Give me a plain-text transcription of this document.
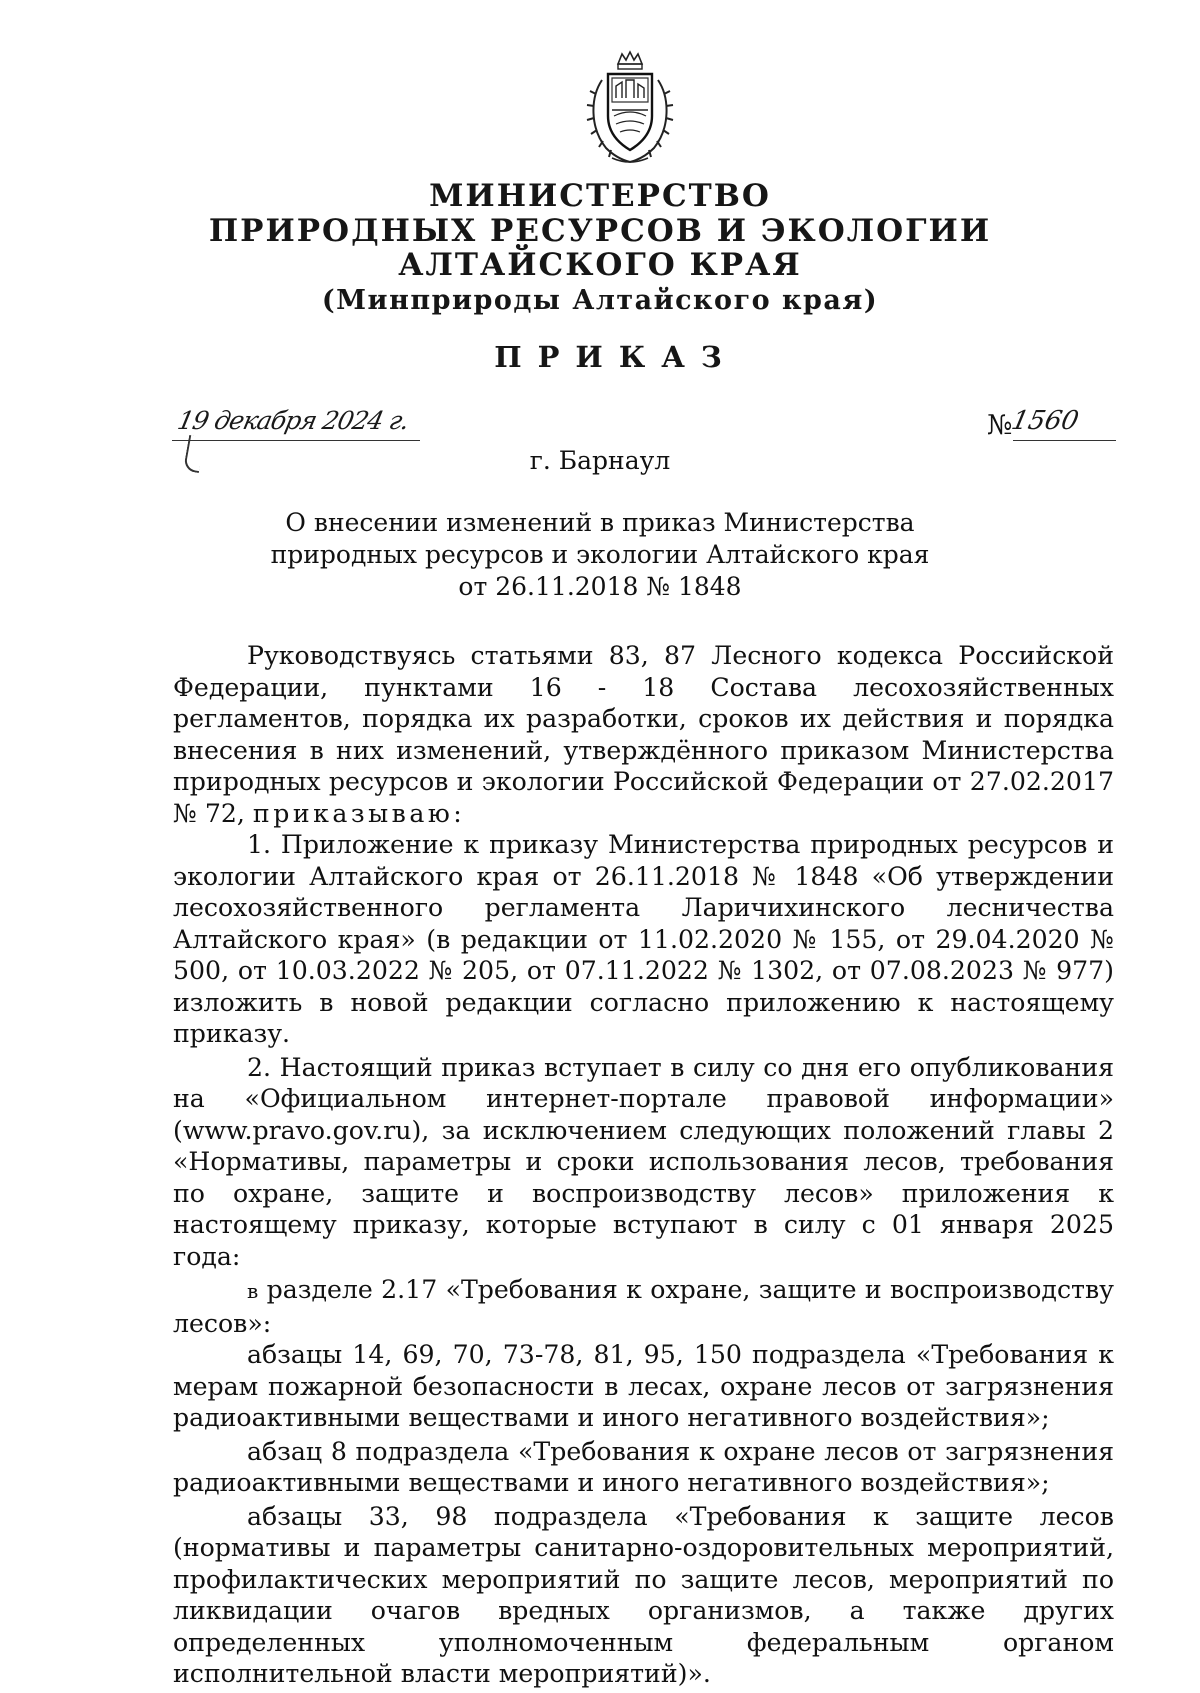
МИНИСТЕРСТВО
ПРИРОДНЫХ РЕСУРСОВ И ЭКОЛОГИИ
АЛТАЙСКОГО КРАЯ
(Минприроды Алтайского края)
ПРИКАЗ
19 декабря 2024 г.	№
1560

г. Барнаул

О внесении изменений в приказ Министерства
природных ресурсов и экологии Алтайского края
от 26.11.2018 № 1848

Руководствуясь статьями 83, 87 Лесного кодекса Российской Федерации, пунктами 16 - 18 Состава лесохозяйственных регламентов, порядка их разработки, сроков их действия и порядка внесения в них изменений, утверждённого приказом Министерства природных ресурсов и экологии Российской Федерации от 27.02.2017 № 72, приказываю:

1. Приложение к приказу Министерства природных ресурсов и экологии Алтайского края от 26.11.2018 № 1848 «Об утверждении лесохозяйственного регламента Ларичихинского лесничества Алтайского края» (в редакции от 11.02.2020 № 155, от 29.04.2020 № 500, от 10.03.2022 № 205, от 07.11.2022 № 1302, от 07.08.2023 № 977) изложить в новой редакции согласно приложению к настоящему приказу.

2. Настоящий приказ вступает в силу со дня его опубликования на «Официальном интернет-портале правовой информации» (www.pravo.gov.ru), за исключением следующих положений главы 2 «Нормативы, параметры и сроки использования лесов, требования по охране, защите и воспроизводству лесов» приложения к настоящему приказу, которые вступают в силу с 01 января 2025 года:

в разделе 2.17 «Требования к охране, защите и воспроизводству лесов»:

абзацы 14, 69, 70, 73-78, 81, 95, 150 подраздела «Требования к мерам пожарной безопасности в лесах, охране лесов от загрязнения радиоактивными веществами и иного негативного воздействия»;

абзац 8 подраздела «Требования к охране лесов от загрязнения радиоактивными веществами и иного негативного воздействия»;

абзацы 33, 98 подраздела «Требования к защите лесов (нормативы и параметры санитарно-оздоровительных мероприятий, профилактических мероприятий по защите лесов, мероприятий по ликвидации очагов вредных организмов, а также других определенных уполномоченным федеральным органом исполнительной власти мероприятий)».
